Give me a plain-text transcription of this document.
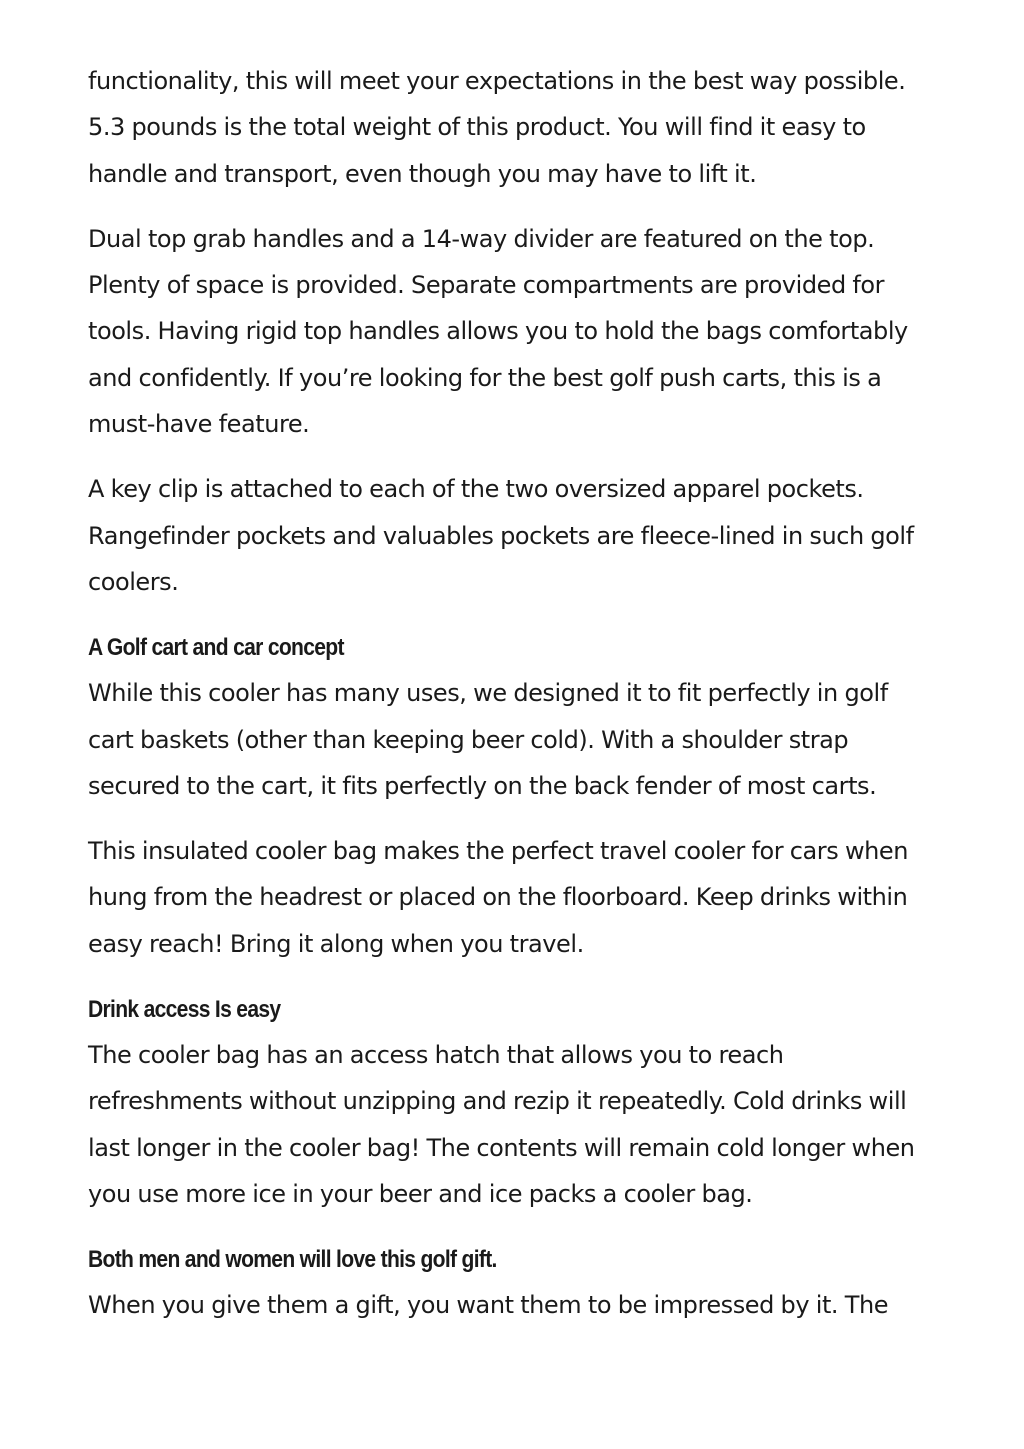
functionality, this will meet your expectations in the best way possible.
5.3 pounds is the total weight of this product. You will find it easy to
handle and transport, even though you may have to lift it.

Dual top grab handles and a 14-way divider are featured on the top.
Plenty of space is provided. Separate compartments are provided for
tools. Having rigid top handles allows you to hold the bags comfortably
and confidently. If you’re looking for the best golf push carts, this is a
must-have feature.

A key clip is attached to each of the two oversized apparel pockets.
Rangefinder pockets and valuables pockets are fleece-lined in such golf
coolers.

A Golf cart and car concept

While this cooler has many uses, we designed it to fit perfectly in golf
cart baskets (other than keeping beer cold). With a shoulder strap
secured to the cart, it fits perfectly on the back fender of most carts.

This insulated cooler bag makes the perfect travel cooler for cars when
hung from the headrest or placed on the floorboard. Keep drinks within
easy reach! Bring it along when you travel.

Drink access Is easy

The cooler bag has an access hatch that allows you to reach
refreshments without unzipping and rezip it repeatedly. Cold drinks will
last longer in the cooler bag! The contents will remain cold longer when
you use more ice in your beer and ice packs a cooler bag.

Both men and women will love this golf gift.

When you give them a gift, you want them to be impressed by it. The
